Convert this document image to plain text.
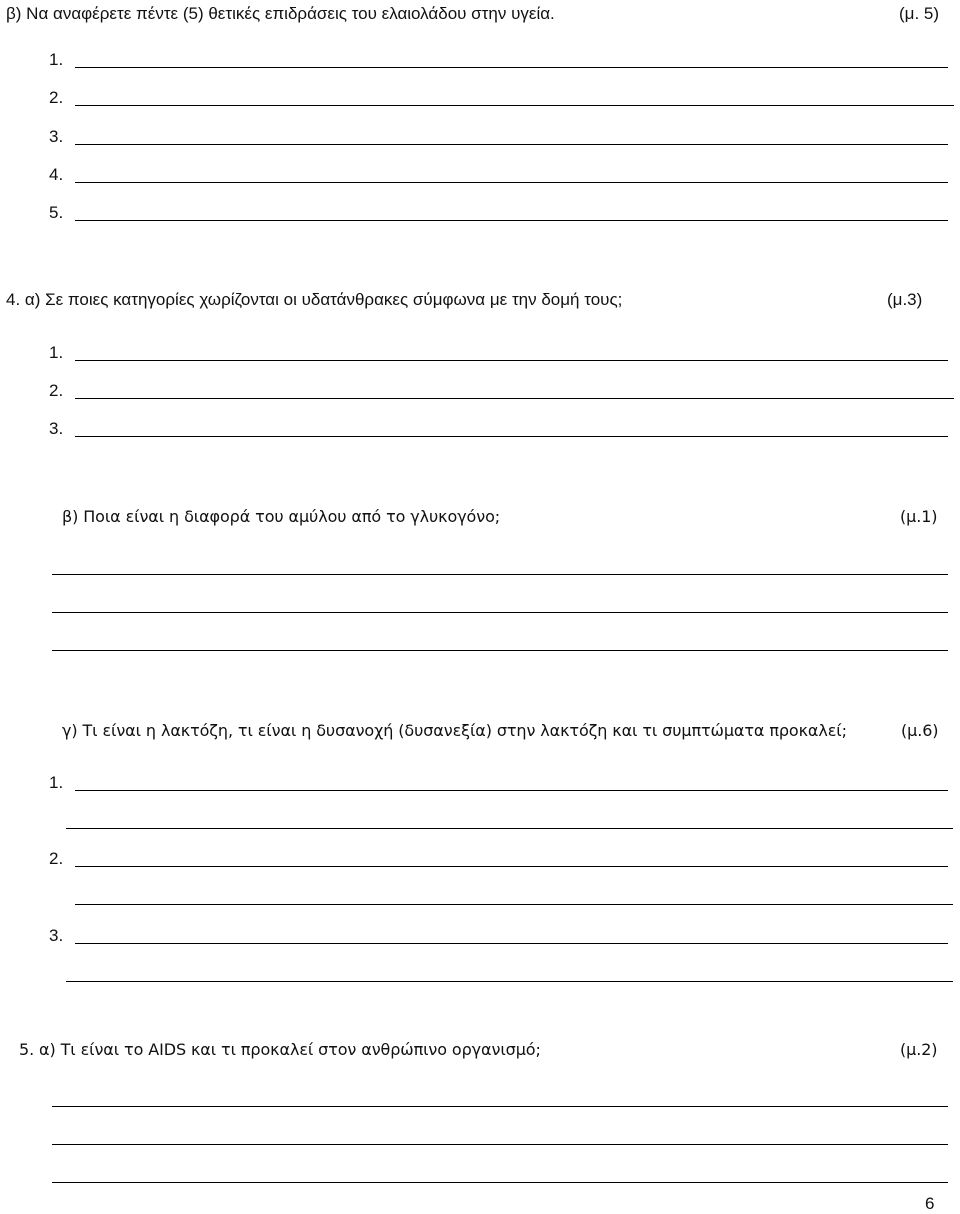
β) Να αναφέρετε πέντε (5) θετικές επιδράσεις του ελαιολάδου στην υγεία.	(μ. 5)
1.
2.
3.
4.
5.
4. α) Σε ποιες κατηγορίες χωρίζονται οι υδατάνθρακες σύμφωνα με την δομή τους;	(μ.3)
1.
2.
3.
β) Ποια είναι η διαφορά του αμύλου από το γλυκογόνο;	(μ.1)
γ) Τι είναι η λακτόζη, τι είναι η δυσανοχή (δυσανεξία) στην λακτόζη και τι συμπτώματα προκαλεί;	(μ.6)
1.
2.
3.
5. α) Τι είναι το AIDS και τι προκαλεί στον ανθρώπινο οργανισμό;	(μ.2)
6
